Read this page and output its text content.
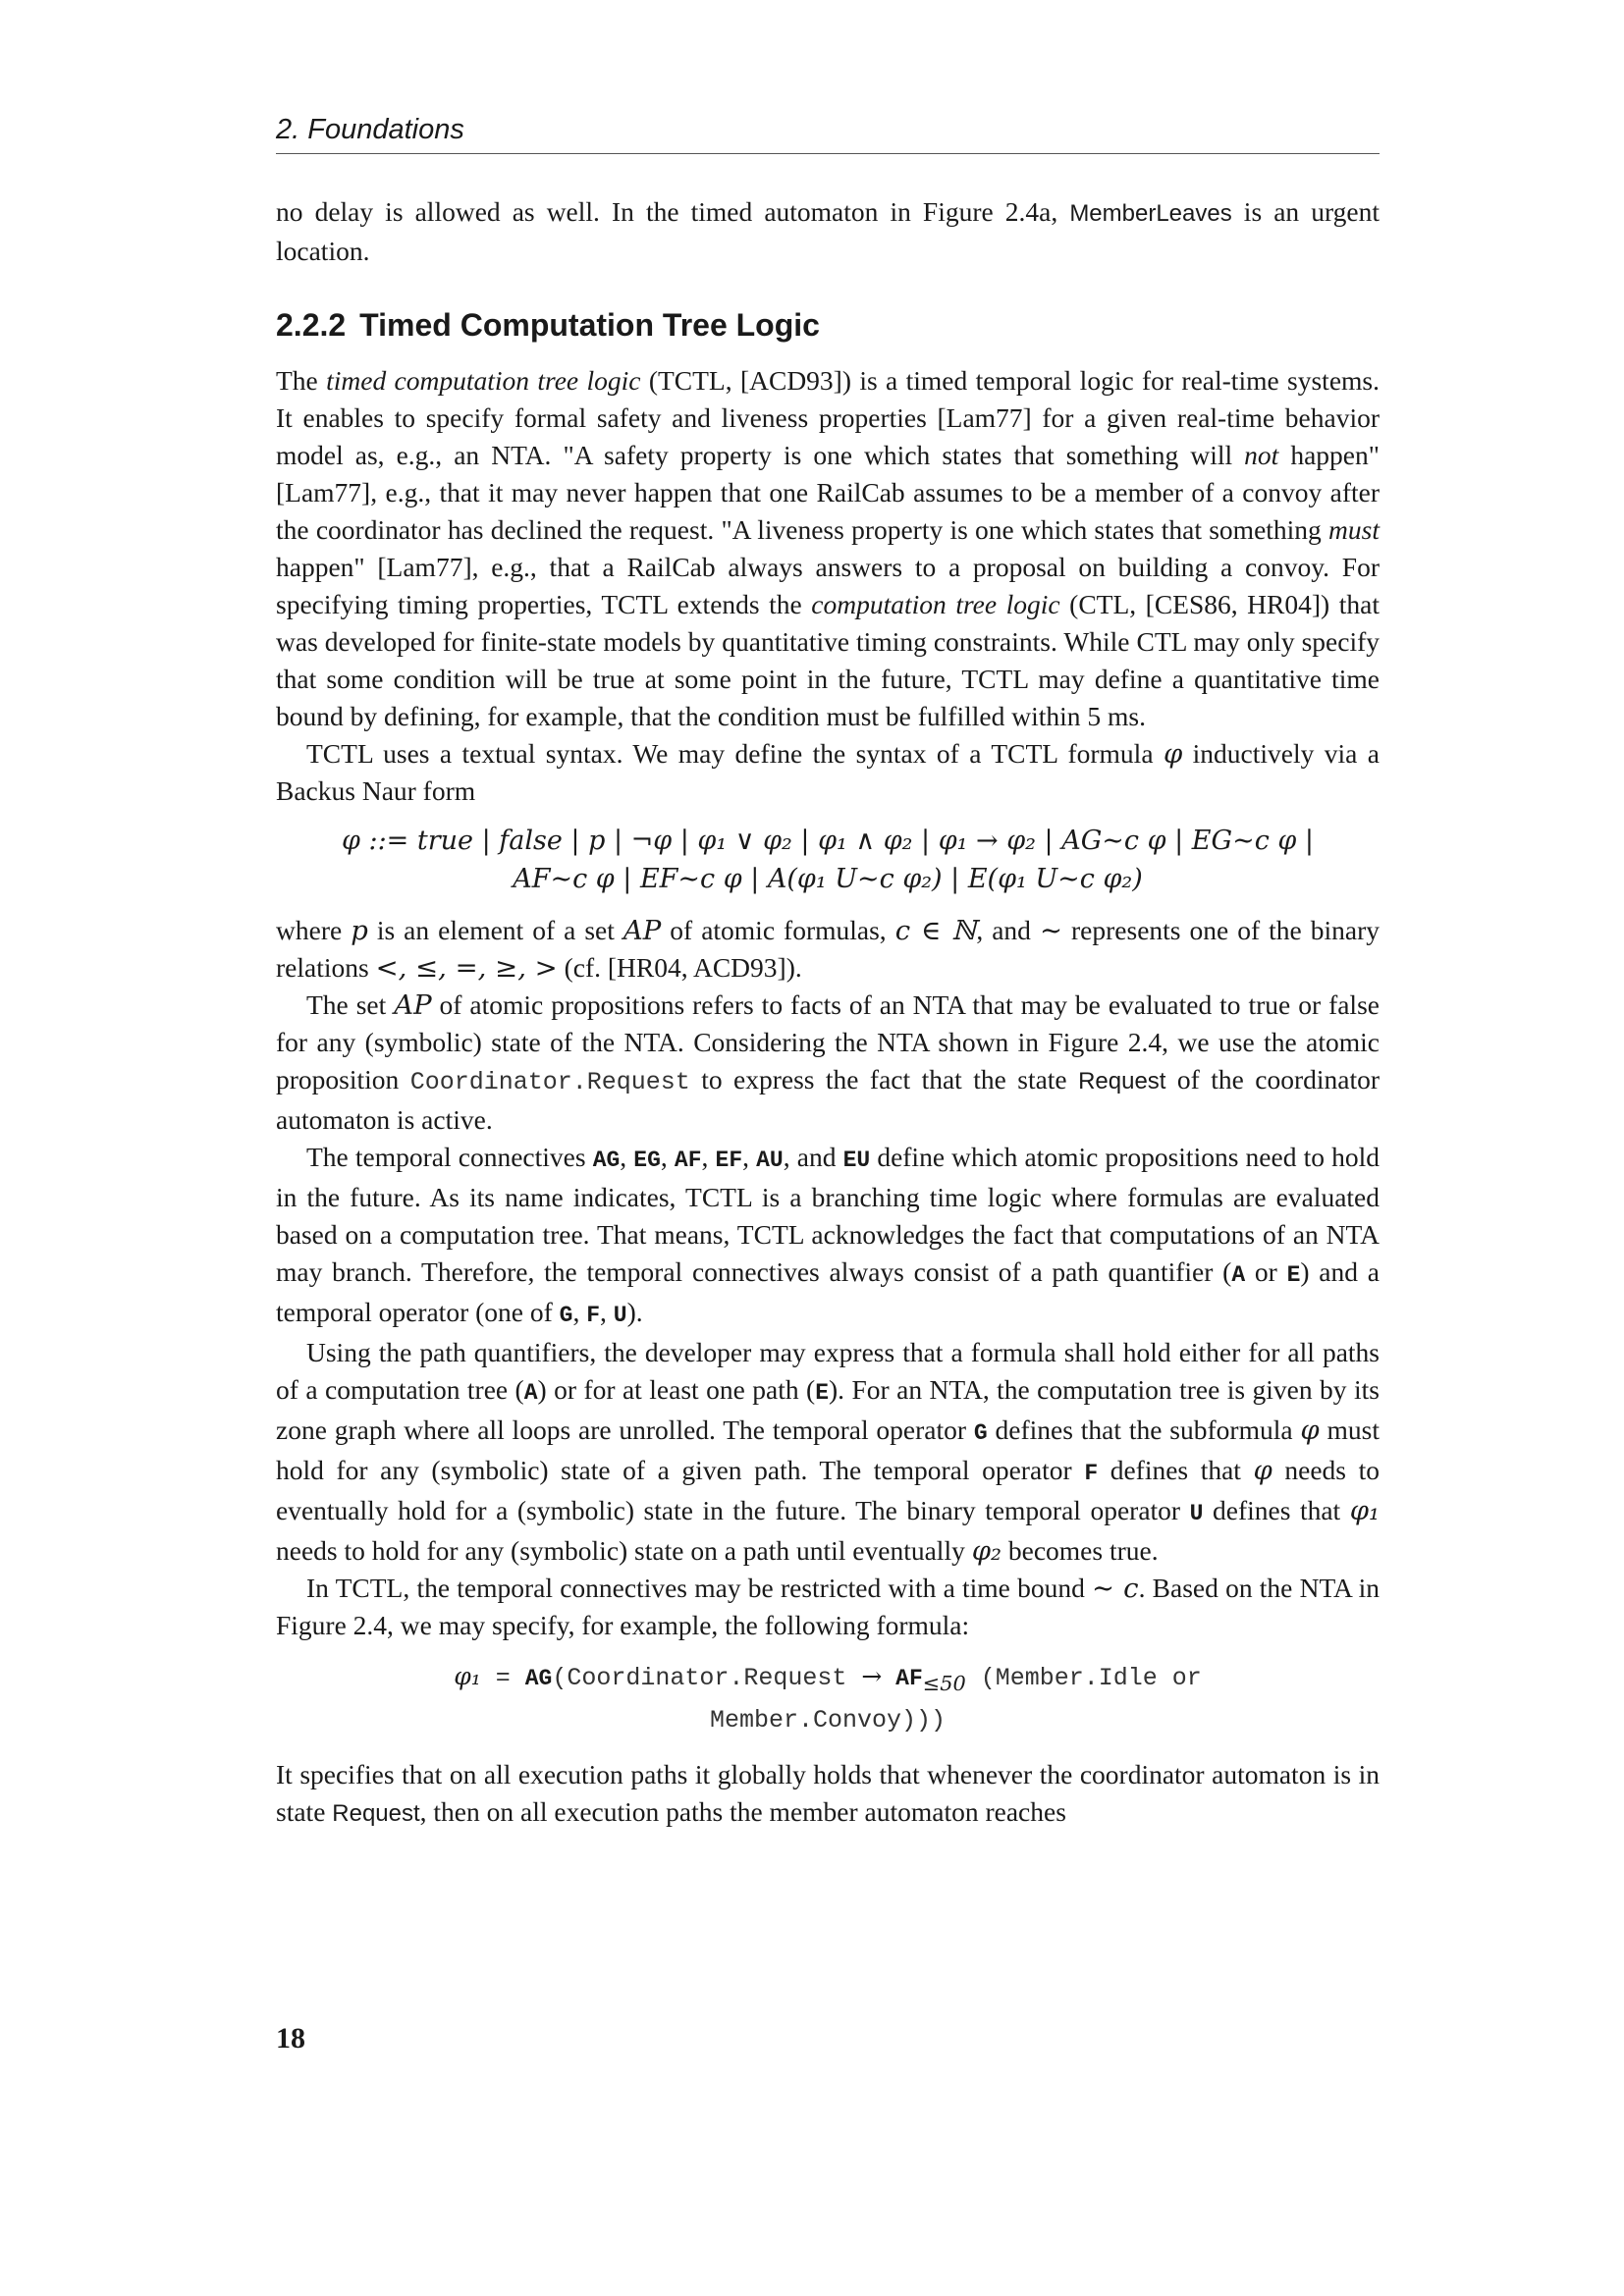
2. Foundations

no delay is allowed as well. In the timed automaton in Figure 2.4a, MemberLeaves is an urgent location.

2.2.2 Timed Computation Tree Logic

The timed computation tree logic (TCTL, [ACD93]) is a timed temporal logic for real-time systems. It enables to specify formal safety and liveness properties [Lam77] for a given real-time behavior model as, e.g., an NTA. "A safety property is one which states that something will not happen" [Lam77], e.g., that it may never happen that one RailCab assumes to be a member of a convoy after the coordinator has declined the request. "A liveness property is one which states that something must happen" [Lam77], e.g., that a RailCab always answers to a proposal on building a convoy. For specifying timing properties, TCTL extends the computation tree logic (CTL, [CES86, HR04]) that was developed for finite-state models by quantitative timing constraints. While CTL may only specify that some condition will be true at some point in the future, TCTL may define a quantitative time bound by defining, for example, that the condition must be fulfilled within 5 ms.

TCTL uses a textual syntax. We may define the syntax of a TCTL formula φ inductively via a Backus Naur form

φ ::= true | false | p | ¬φ | φ₁ ∨ φ₂ | φ₁ ∧ φ₂ | φ₁ → φ₂ | AG∼c φ | EG∼c φ |
AF∼c φ | EF∼c φ | A(φ₁ U∼c φ₂) | E(φ₁ U∼c φ₂)

where p is an element of a set AP of atomic formulas, c ∈ ℕ, and ∼ represents one of the binary relations <, ≤, =, ≥, > (cf. [HR04, ACD93]).

The set AP of atomic propositions refers to facts of an NTA that may be evaluated to true or false for any (symbolic) state of the NTA. Considering the NTA shown in Figure 2.4, we use the atomic proposition Coordinator.Request to express the fact that the state Request of the coordinator automaton is active.

The temporal connectives AG, EG, AF, EF, AU, and EU define which atomic propositions need to hold in the future. As its name indicates, TCTL is a branching time logic where formulas are evaluated based on a computation tree. That means, TCTL acknowledges the fact that computations of an NTA may branch. Therefore, the temporal connectives always consist of a path quantifier (A or E) and a temporal operator (one of G, F, U).

Using the path quantifiers, the developer may express that a formula shall hold either for all paths of a computation tree (A) or for at least one path (E). For an NTA, the computation tree is given by its zone graph where all loops are unrolled. The temporal operator G defines that the subformula φ must hold for any (symbolic) state of a given path. The temporal operator F defines that φ needs to eventually hold for a (symbolic) state in the future. The binary temporal operator U defines that φ₁ needs to hold for any (symbolic) state on a path until eventually φ₂ becomes true.

In TCTL, the temporal connectives may be restricted with a time bound ∼ c. Based on the NTA in Figure 2.4, we may specify, for example, the following formula:

φ₁ = AG(Coordinator.Request → $AF_{\le 50}$ (Member.Idle or
Member.Convoy)))

It specifies that on all execution paths it globally holds that whenever the coordinator automaton is in state Request, then on all execution paths the member automaton reaches

18
